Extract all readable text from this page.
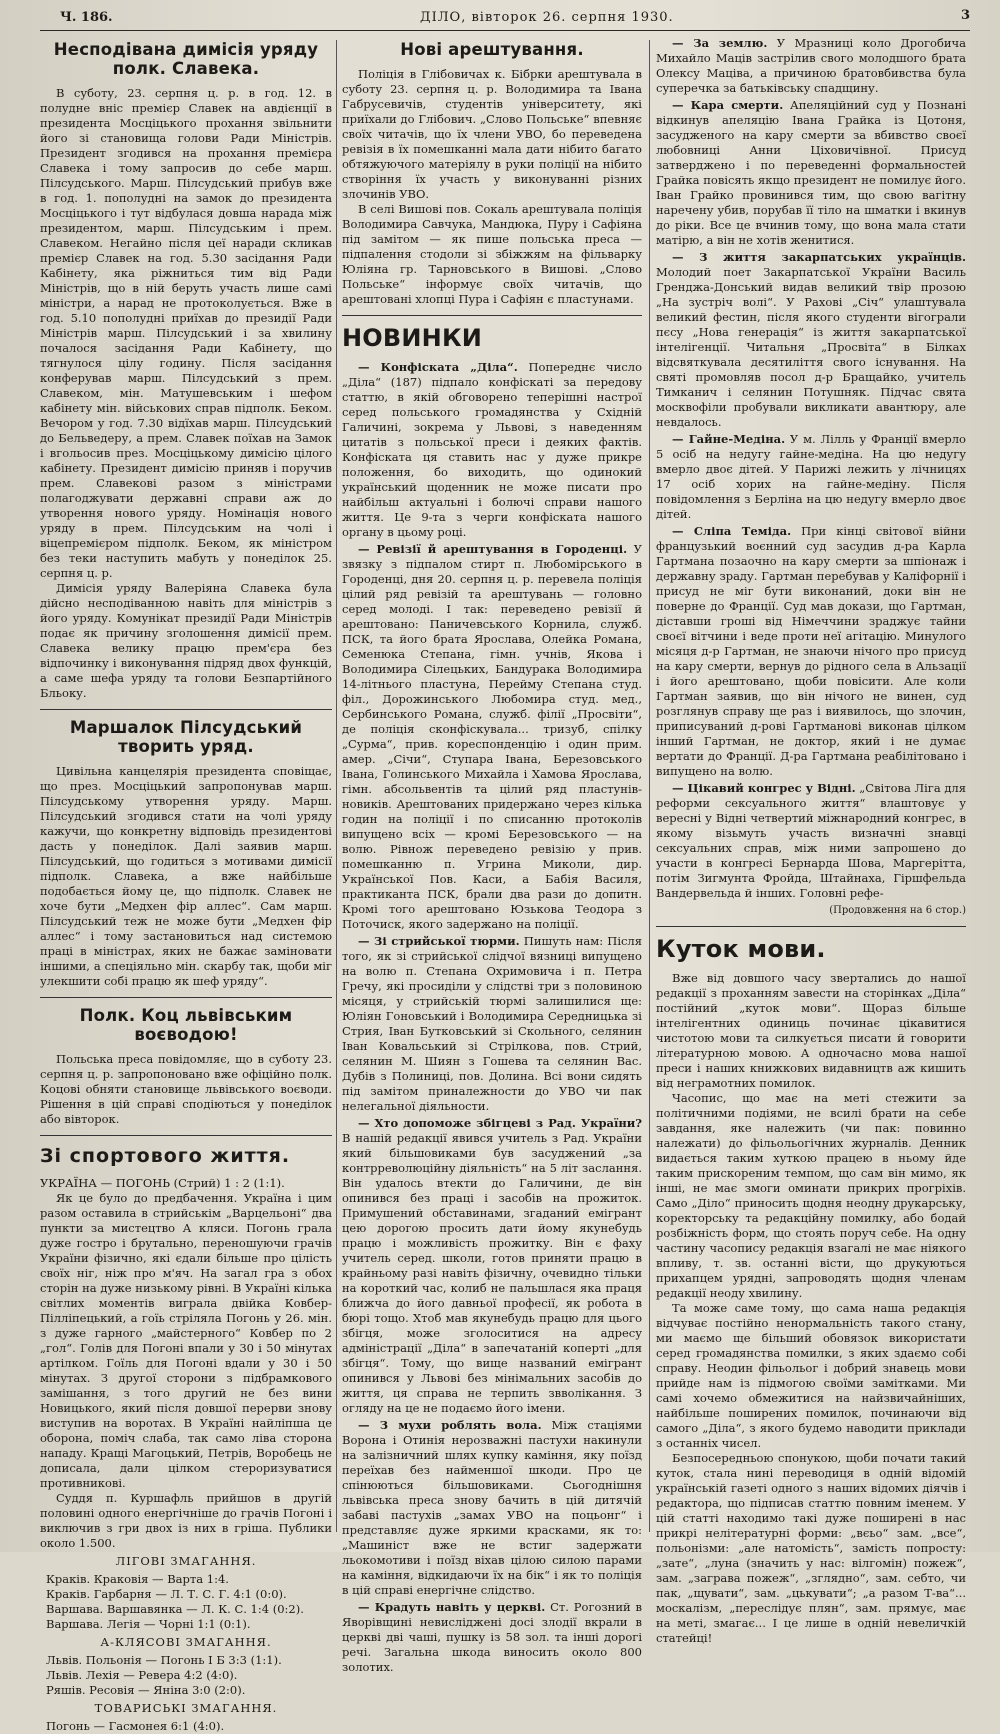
Ч. 186.	ДІЛО, вівторок 26. серпня 1930.	3
Несподівана димісія уряду полк. Славека.

В суботу, 23. серпня ц. р. в год. 12. в полудне вніс премієр Славек на авдієнції в президента Мосціцького прохання звільнити його зі становища голови Ради Міністрів. Президент згодився на прохання премієра Славека і тому запросив до себе марш. Пілсудського. Марш. Пілсудський прибув вже в год. 1. пополудні на замок до президента Мосціцького і тут відбулася довша нарада між президентом, марш. Пілсудським і прем. Славеком. Негайно після цеї наради скликав премієр Славек на год. 5.30 засідання Ради Кабінету, яка ріжниться тим від Ради Міністрів, що в ній беруть участь лише самі міністри, а нарад не протоколується. Вже в год. 5.10 пополудні приїхав до президії Ради Міністрів марш. Пілсудський і за хвилину почалося засідання Ради Кабінету, що тягнулося цілу годину. Після засідання конферував марш. Пілсудський з прем. Славеком, мін. Матушевським і шефом кабінету мін. військових справ підполк. Беком. Вечором у год. 7.30 відїхав марш. Пілсудський до Бельведеру, а прем. Славек поїхав на Замок і вгольосив през. Мосціцькому димісію цілого кабінету. Президент димісію приняв і поручив прем. Славекові разом з міністрами полагоджувати державні справи аж до утворення нового уряду. Номінація нового уряду в прем. Пілсудським на чолі і віцепремієром підполк. Беком, як міністром без теки наступить мабуть у понеділок 25. серпня ц. р.

Димісія уряду Валеріяна Славека була дійсно несподіванною навіть для міністрів з його уряду. Комунікат президії Ради Міністрів подає як причину зголошення димісії прем. Славека велику працю прем'єра без відпочинку і виконування підряд двох функцій, а саме шефа уряду та голови Безпартійного Бльоку.

Маршалок Пілсудський творить уряд.

Цивільна канцелярія президента сповіщає, що през. Мосціцький запропонував марш. Пілсудському утворення уряду. Марш. Пілсудський згодився стати на чолі уряду кажучи, що конкретну відповідь президентові дасть у понеділок. Далі заявив марш. Пілсудський, що годиться з мотивами димісії підполк. Славека, а вже найбільше подобається йому це, що підполк. Славек не хоче бути „Медхен фір аллес“. Сам марш. Пілсудський теж не може бути „Медхен фір аллес“ і тому застановиться над системою праці в міністрах, яких не бажає заміновати іншими, а спеціяльно мін. скарбу так, щоби міг улекшити собі працю як шеф уряду“.

Полк. Коц львівським воєводою!

Польська преса повідомляє, що в суботу 23. серпня ц. р. запропоновано вже офіційно полк. Коцові обняти становище львівського воєводи. Рішення в цій справі сподіються у понеділок або вівторок.

Зі спортового життя.
УКРАЇНА — ПОГОНЬ (Стрий) 1 : 2 (1:1).

Як це було до предбачення. Україна і цим разом оставила в стрийськім „Варцельоні“ два пункти за мистецтво А кляси. Погонь грала дуже гостро і брутально, переношуючи грачів України фізично, які єдали більше про цілість своїх ніг, ніж про м'яч. На загал гра з обох сторін на дуже низькому рівні. В Україні кілька світлих моментів виграла двійка Ковбер-Пілліпецький, а гоїь стріляла Погонь у 26. мін. з дуже гарного „майстерного“ Ковбер по 2 „гол“. Голів для Погоні впали у 30 і 50 мінутах артілком. Гоїль для Погоні вдали у 30 і 50 мінутах. З другої сторони з підбрамкового замішання, з того другий не без вини Новицького, який після довшої перерви знову виступив на воротах. В Україні найліпша це оборона, поміч слаба, так само ліва сторона нападу. Кращі Магоцький, Петрів, Воробець не дописала, дали цілком стероризуватися противникові.

Суддя п. Куршафль прийшов в другій половині одного енергічніше до грачів Погоні і виключив з гри двох із них в гріша. Публики около 1.500.

ЛІГОВІ ЗМАГАННЯ.
Краків. Краковія — Варта 1:4.
Краків. Гарбарня — Л. Т. С. Г. 4:1 (0:0).
Варшава. Варшавянка — Л. К. С. 1:4 (0:2).
Варшава. Легія — Чорні 1:1 (0:1).
А-КЛЯСОВІ ЗМАГАННЯ.
Львів. Польонія — Погонь І Б 3:3 (1:1).
Львів. Лехія — Ревера 4:2 (4:0).
Ряшів. Ресовія — Яніна 3:0 (2:0).
ТОВАРИСЬКІ ЗМАГАННЯ.
Погонь — Гасмонея 6:1 (4:0).
Нові арештування.

Поліція в Глібовичах к. Бібрки арештувала в суботу 23. серпня ц. р. Володимира та Івана Габрусевичів, студентів університету, які приїхали до Глібович. „Слово Польське“ впевняє своїх читачів, що їх члени УВО, бо переведена ревізія в їх помешканні мала дати нібито багато обтяжуючого матеріялу в руки поліції на нібито створіння їх участь у виконуванні різних злочинів УВО.

В селі Вишові пов. Сокаль арештувала поліція Володимира Савчука, Мандюка, Пуру і Сафіяна під замітом — як пише польська преса — підпалення стодоли зі збіжжям на фільварку Юліяна гр. Тарновського в Вишові. „Слово Польське“ інформує своїх читачів, що арештовані хлопці Пура і Сафіян є пластунами.

НОВИНКИ

— Конфіската „Діла“. Попереднє число „Діла“ (187) підпало конфіскаті за передову статтю, в якій обговорено теперішні настрої серед польського громадянства у Східній Галичині, зокрема у Львові, з наведенням цитатів з польської преси і деяких фактів. Конфіската ця ставить нас у дуже прикре положення, бо виходить, що одинокий український щоденник не може писати про найбільш актуальні і болючі справи нашого життя. Це 9-та з черги конфіската нашого органу в цьому році.

— Ревізії й арештування в Городенці. У звязку з підпалом стирт п. Любомірського в Городенці, дня 20. серпня ц. р. перевела поліція цілий ряд ревізій та арештувань — головно серед молоді. І так: переведено ревізії й арештовано: Паничевського Корнила, служб. ПСК, та його брата Ярослава, Олейка Романа, Семенюка Степана, гімн. учнів, Якова і Володимира Сілецьких, Бандурака Володимира 14-літнього пластуна, Перейму Степана студ. філ., Дорожинського Любомира студ. мед., Сербинського Романа, служб. філії „Просвіти“, де поліція сконфіскувала... тризуб, спілку „Сурма“, прив. кореспонденцію і один прим. амер. „Січи“, Ступара Івана, Березовського Івана, Голинського Михайла і Хамова Ярослава, гімн. абсольвентів та цілий ряд пластунів-новиків. Арештованих придержано через кілька годин на поліції і по списанню протоколів випущено всіх — кромі Березовського — на волю. Рівнож переведено ревізію у прив. помешканню п. Угрина Миколи, дир. Української Пов. Каси, а Бабія Василя, практиканта ПСК, брали два рази до допитн. Кромі того арештовано Юзькова Теодора з Поточиск, якого задержано на поліції.

— Зі стрийської тюрми. Пишуть нам: Після того, як зі стрийської слідчої вязниці випущено на волю п. Степана Охримовича і п. Петра Гречу, які просиділи у слідстві три з половиною місяця, у стрийській тюрмі залишилися ще: Юліян Гоновський і Володимира Середницька зі Стрия, Іван Бутковський зі Скольного, селянин Іван Ковальський зі Стрілкова, пов. Стрий, селянин М. Шиян з Гошева та селянин Вас. Дубів з Полиниці, пов. Долина. Всі вони сидять під замітом приналежности до УВО чи пак нелегальної діяльности.

— Хто допоможе збігцеві з Рад. України? В нашій редакції явився учитель з Рад. України який більшовиками був засуджений „за контрреволюційну діяльність“ на 5 літ заслання. Він удалось втекти до Галичини, де він опинився без праці і засобів на прожиток. Примушений обставинами, згаданий емігрант цею дорогою просить дати йому якунебудь працю і можливість прожитку. Він є фаху учитель серед. школи, готов приняти працю в крайньому разі навіть фізичну, очевидно тільки на короткий час, колиб не пальшлася яка праця ближча до його давньої професії, як робота в бюрі тощо. Хтоб мав якунебудь працю для цього збігця, може зголоситися на адресу адміністрації „Діла“ в запечатаній коперті „для збігця“. Тому, що вище названий емігрант опинився у Львові без мінімальних засобів до життя, ця справа не терпить звволікання. З огляду на це не подаємо його імени.

— З мухи роблять вола. Між стаціями Ворона і Отинія нерозважні пастухи накинули на залізничний шлях купку каміння, яку поїзд переїхав без найменшої шкоди. Про це спінюються більшовиками. Сьогоднішня львівська преса знову бачить в цій дитячій забаві пастухів „замах УВО на поцьонг“ і представляє дуже яркими красками, як то: „Машиніст вже не встиг задержати льокомотиви і поїзд віхав цілою силою парами на каміння, відкидаючи їх на бік“ і як то поліція в цій справі енергічне слідство.

— Крадуть навіть у церкві. Ст. Рогозний в Яворівщині невисліджені досі злодії вкрали в церкві дві чаші, пушку із 58 зол. та інші дорогі речі. Загальна шкода виносить около 800 золотих.

— За землю. У Мразниці коло Дрогобича Михайло Маців застрілив свого молодшого брата Олексу Маціва, а причиною братовбивства була суперечка за батьківську спадщину.

— Кара смерти. Апеляційний суд у Познані відкинув апеляцію Івана Грайка із Цотоня, засудженого на кару смерти за вбивство своєї любовниці Анни Ціховичівної. Присуд затверджено і по переведенні формальностей Грайка повісять якщо президент не помилує його. Іван Грайко провинився тим, що свою вагітну наречену убив, порубав її тіло на шматки і вкинув до ріки. Все це вчинив тому, що вона мала стати матірю, а він не хотів женитися.

— З життя закарпатських українців. Молодий поет Закарпатської України Василь Гренджа-Донський видав великий твір прозою „На зустріч волі“. У Рахові „Січ“ улаштувала великий фестин, після якого студенти вігограли пєсу „Нова генерація“ із життя закарпатської інтелігенції. Читальня „Просвіта“ в Білках відсвяткувала десятиліття свого існування. На святі промовляв посол д-р Бращайко, учитель Тимканич і селянин Потушняк. Підчас свята москвофіли пробували викликати авантюру, але невдалось.

— Гайне-Медіна. У м. Лілль у Франції вмерло 5 осіб на недугу гайне-медіна. На цю недугу вмерло двоє дітей. У Парижі лежить у лічницях 17 осіб хорих на гайне-медіну. Після повідомлення з Берліна на цю недугу вмерло двоє дітей.

— Сліпа Теміда. При кінці світової війни французький воєнний суд засудив д-ра Карла Гартмана позаочно на кару смерти за шпіонаж і державну зраду. Гартман перебував у Каліфорнії і присуд не міг бути виконаний, доки він не поверне до Франції. Суд мав докази, що Гартман, діставши гроші від Німеччини зраджує тайни своєї вітчини і веде проти неї агітацію. Минулого місяця д-р Гартман, не знаючи нічого про присуд на кару смерти, вернув до рідного села в Альзації і його арештовано, щоби повісити. Але коли Гартман заявив, що він нічого не винен, суд розглянув справу ще раз і виявилось, що злочин, приписуваний д-рові Гартманові виконав цілком інший Гартман, не доктор, який і не думає вертати до Франції. Д-ра Гартмана реабілітовано і випущено на волю.

— Цікавий конгрес у Відні. „Світова Ліга для реформи сексуального життя“ влаштовує у вересні у Відні четвертий міжнародний конгрес, в якому візьмуть участь визначні знавці сексуальних справ, між ними запрошено до участи в конгресі Бернарда Шова, Маргерітта, потім Зигмунта Фройда, Штайнаха, Гіршфельда Вандервельда й інших. Головні рефе-

(Продовження на 6 стор.)
Куток мови.

Вже від довшого часу звертались до нашої редакції з проханням завести на сторінках „Діла“ постійний „куток мови“. Щораз більше інтелігентних одиниць починає цікавитися чистотою мови та силкується писати й говорити літературною мовою. А одночасно мова нашої преси і наших книжкових видавництв аж кишить від неграмотних помилок.

Часопис, що має на меті стежити за політичними подіями, не всилі брати на себе завдання, яке належить (чи пак: повинно належати) до фільольогічних журналів. Денник видається таким хуткою працею в ньому йде таким прискореним темпом, що сам він мимо, як інші, не має змоги оминати прикрих прогріхів. Само „Діло“ приносить щодня неодну друкарську, коректорську та редакційну помилку, або бодай розбіжність форм, що стоять поруч себе. На одну частину часопису редакція взагалі не має ніякого впливу, т. зв. останні вісти, що друкуються прихапцем урядні, запроводять щодня членам редакції неоду хвилину.

Та може саме тому, що сама наша редакція відчуває постійно ненормальність такого стану, ми маємо ще більший обовязок використати серед громадянства помилки, з яких здаємо собі справу. Неодин фільольог і добрий знавець мови прийде нам із підмогою своїми замітками. Ми самі хочемо обмежитися на найзвичайніших, найбільше поширених помилок, починаючи від самого „Діла“, з якого будемо наводити приклади з останніх чисел.

Безпосередньою спонукою, щоби почати такий куток, стала нині переводиця в одній відомій українській газеті одного з наших відомих діячів і редактора, що підписав статтю повним іменем. У цій статті находимо такі дуже поширені в нас прикрі нелітературні форми: „вєьо“ зам. „все“, польонізми: „але натомість“, замість попросту: „зате“, „луна (значить у нас: вілгомін) пожеж“, зам. „заграва пожеж“, „зглядно“, зам. себто, чи пак, „щувати“, зам. „цькувати“; „а разом Т-ва“... москалізм, „переслідує плян“, зам. прямує, має на меті, змагає... І це лише в одній невеличкій статейці!
